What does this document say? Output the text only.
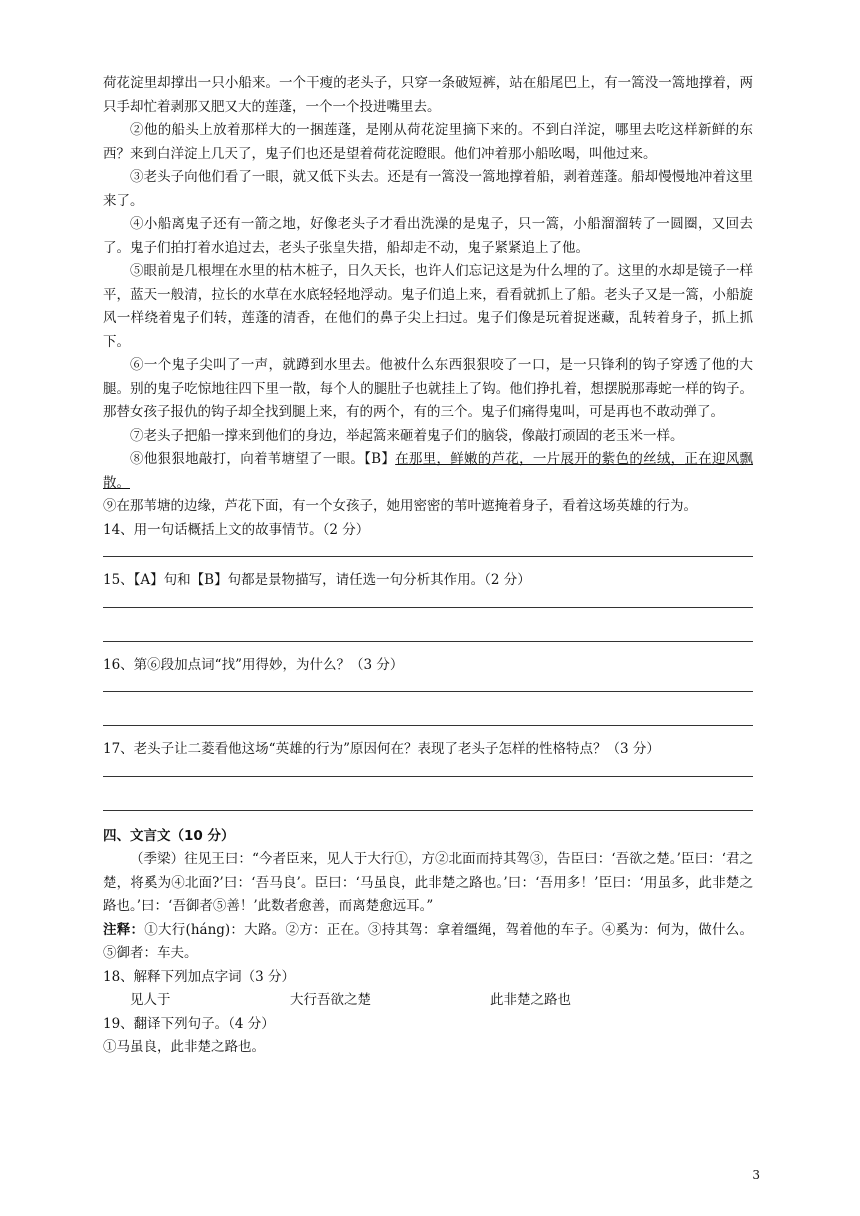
荷花淀里却撑出一只小船来。一个干瘦的老头子，只穿一条破短裤，站在船尾巴上，有一篙没一篙地撑着，两只手却忙着剥那又肥又大的莲蓬，一个一个投进嘴里去。

②他的船头上放着那样大的一捆莲蓬，是刚从荷花淀里摘下来的。不到白洋淀，哪里去吃这样新鲜的东西？来到白洋淀上几天了，鬼子们也还是望着荷花淀瞪眼。他们冲着那小船吆喝，叫他过来。

③老头子向他们看了一眼，就又低下头去。还是有一篙没一篙地撑着船，剥着莲蓬。船却慢慢地冲着这里来了。

④小船离鬼子还有一箭之地，好像老头子才看出洗澡的是鬼子，只一篙，小船溜溜转了一圆圈，又回去了。鬼子们拍打着水追过去，老头子张皇失措，船却走不动，鬼子紧紧追上了他。

⑤眼前是几根埋在水里的枯木桩子，日久天长，也许人们忘记这是为什么埋的了。这里的水却是镜子一样平，蓝天一般清，拉长的水草在水底轻轻地浮动。鬼子们追上来，看看就抓上了船。老头子又是一篙，小船旋风一样绕着鬼子们转，莲蓬的清香，在他们的鼻子尖上扫过。鬼子们像是玩着捉迷藏，乱转着身子，抓上抓下。

⑥一个鬼子尖叫了一声，就蹲到水里去。他被什么东西狠狠咬了一口，是一只锋利的钩子穿透了他的大腿。别的鬼子吃惊地往四下里一散，每个人的腿肚子也就挂上了钩。他们挣扎着，想摆脱那毒蛇一样的钩子。那替女孩子报仇的钩子却全找到腿上来，有的两个，有的三个。鬼子们痛得鬼叫，可是再也不敢动弹了。

⑦老头子把船一撑来到他们的身边，举起篙来砸着鬼子们的脑袋，像敲打顽固的老玉米一样。

⑧他狠狠地敲打，向着苇塘望了一眼。【B】在那里，鲜嫩的芦花，一片展开的紫色的丝绒，正在迎风飘散。

⑨在那苇塘的边缘，芦花下面，有一个女孩子，她用密密的苇叶遮掩着身子，看着这场英雄的行为。

14、用一句话概括上文的故事情节。（2 分）

15、【A】句和【B】句都是景物描写，请任选一句分析其作用。（2 分）

16、第⑥段加点词“找”用得妙，为什么？（3 分）

17、老头子让二菱看他这场“英雄的行为”原因何在？表现了老头子怎样的性格特点？（3 分）

四、文言文（10 分）

（季梁）往见王曰：“今者臣来，见人于大行①，方②北面而持其驾③，告臣曰：‘吾欲之楚。’臣曰：‘君之楚，将奚为④北面?’曰：‘吾马良’。臣曰：‘马虽良，此非楚之路也。’曰：‘吾用多！’臣曰：‘用虽多，此非楚之路也。’曰：‘吾御者⑤善！’此数者愈善，而离楚愈远耳。”

注释：①大行(háng)：大路。②方：正在。③持其驾：拿着缰绳，驾着他的车子。④奚为：何为，做什么。⑤御者：车夫。

18、解释下列加点字词（3 分）

见人于	大行吾欲之楚	此非楚之路也

19、翻译下列句子。（4 分）

①马虽良，此非楚之路也。

3
